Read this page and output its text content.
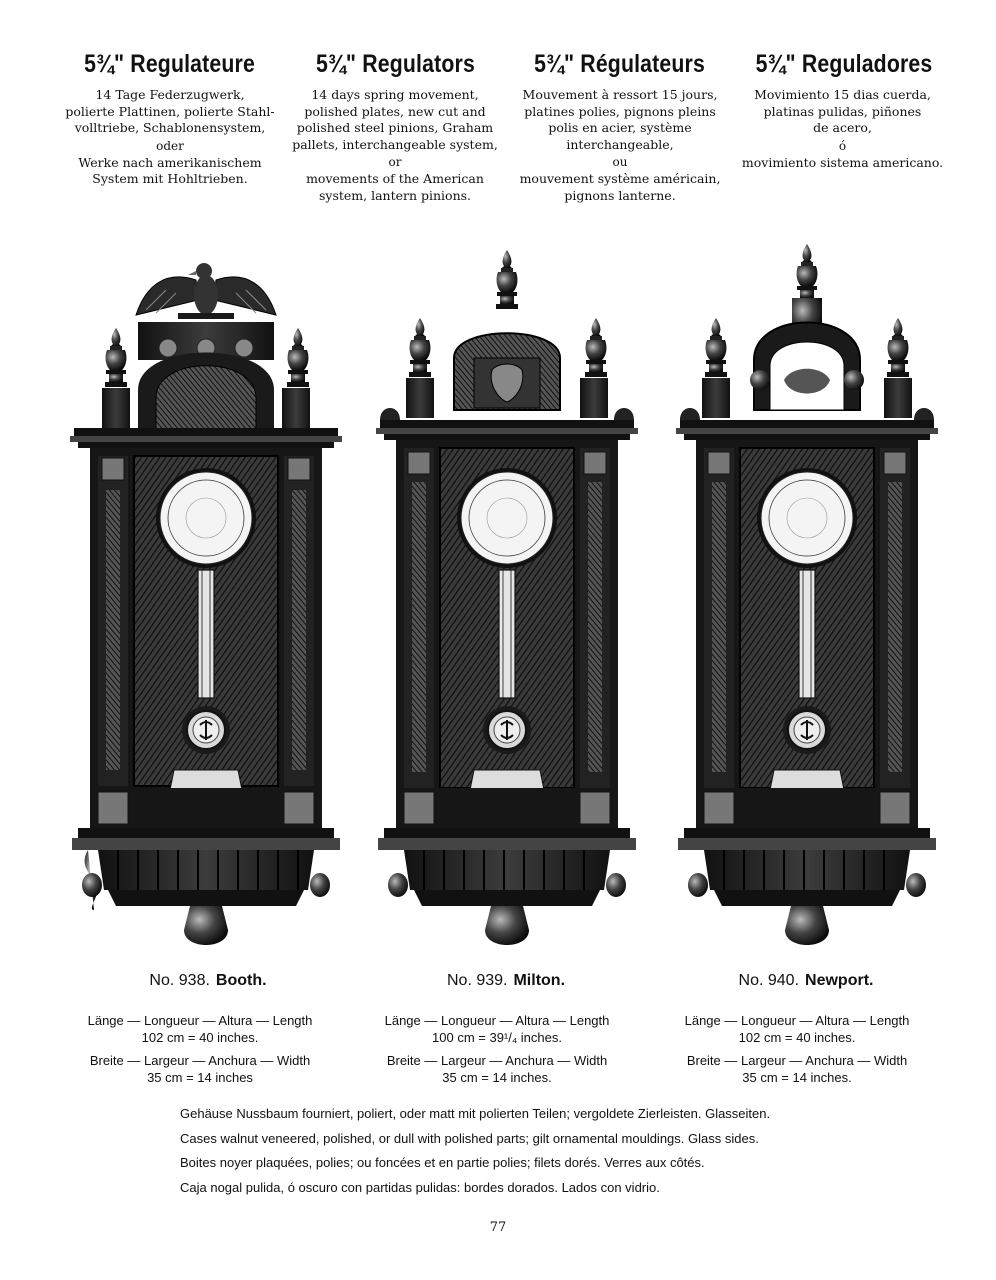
5¾" Regulateure
14 Tage Federzugwerk,
polierte Plattinen, polierte Stahl-
volltriebe, Schablonensystem,
oder
Werke nach amerikanischem
System mit Hohltrieben.
5¾" Regulators
14 days spring movement,
polished plates, new cut and
polished steel pinions, Graham
pallets, interchangeable system,
or
movements of the American
system, lantern pinions.
5¾" Régulateurs
Mouvement à ressort 15 jours,
platines polies, pignons pleins
polis en acier, système
interchangeable,
ou
mouvement système américain,
pignons lanterne.
5¾" Reguladores
Movimiento 15 dias cuerda,
platinas pulidas, piñones
de acero,
ó
movimiento sistema americano.
No. 938. Booth.	No. 939. Milton.	No. 940. Newport.
Länge — Longueur — Altura — Length
102 cm = 40 inches.
Breite — Largeur — Anchura — Width
35 cm = 14 inches
Länge — Longueur — Altura — Length
100 cm = 39¹/₄ inches.
Breite — Largeur — Anchura — Width
35 cm = 14 inches.
Länge — Longueur — Altura — Length
102 cm = 40 inches.
Breite — Largeur — Anchura — Width
35 cm = 14 inches.
Gehäuse Nussbaum fourniert, poliert, oder matt mit polierten Teilen; vergoldete Zierleisten. Glasseiten.
Cases walnut veneered, polished, or dull with polished parts; gilt ornamental mouldings. Glass sides.
Boites noyer plaquées, polies; ou foncées et en partie polies; filets dorés. Verres aux côtés.
Caja nogal pulida, ó oscuro con partidas pulidas: bordes dorados. Lados con vidrio.
77
